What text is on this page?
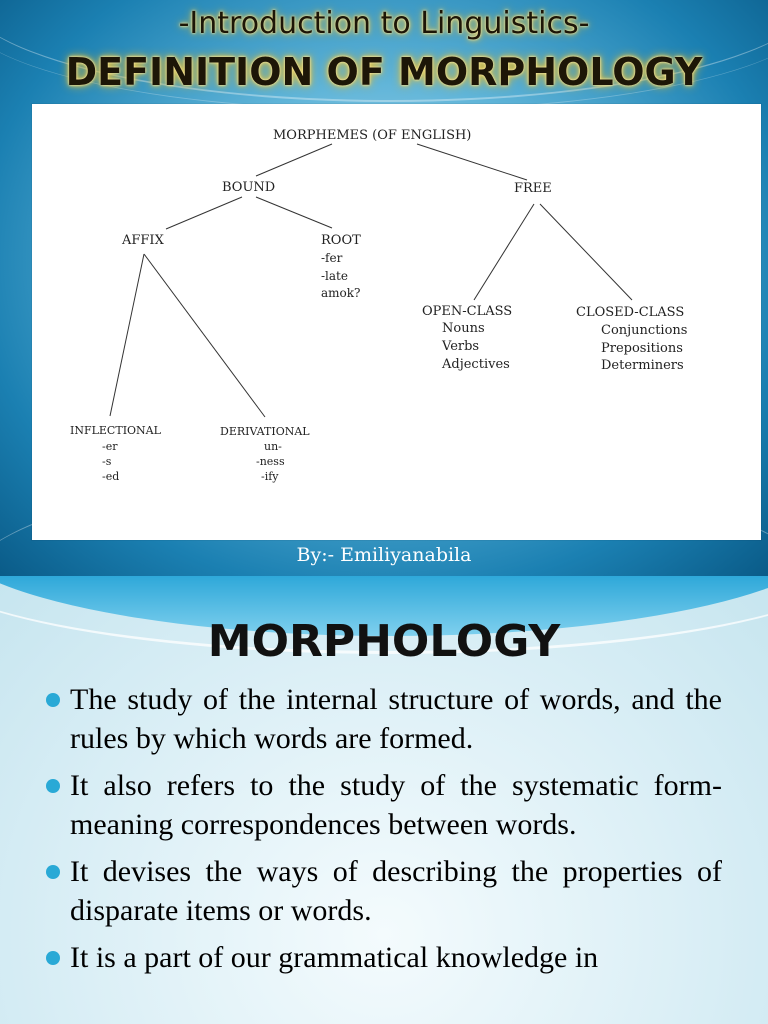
-Introduction to Linguistics-
DEFINITION OF MORPHOLOGY
MORPHEMES (OF ENGLISH)
BOUND	FREE
AFFIX	ROOT
-fer
-late
amok?
OPEN-CLASS
Nouns
Verbs
Adjectives
CLOSED-CLASS
Conjunctions
Prepositions
Determiners
INFLECTIONAL
-er
-s
-ed
DERIVATIONAL
un-
-ness
-ify
By:- Emiliyanabila
MORPHOLOGY
The study of the internal structure of words, and the rules by which words are formed.
It also refers to the study of the systematic form-meaning correspondences between words.
It devises the ways of describing the properties of disparate items or words.
It is a part of our grammatical knowledge in
